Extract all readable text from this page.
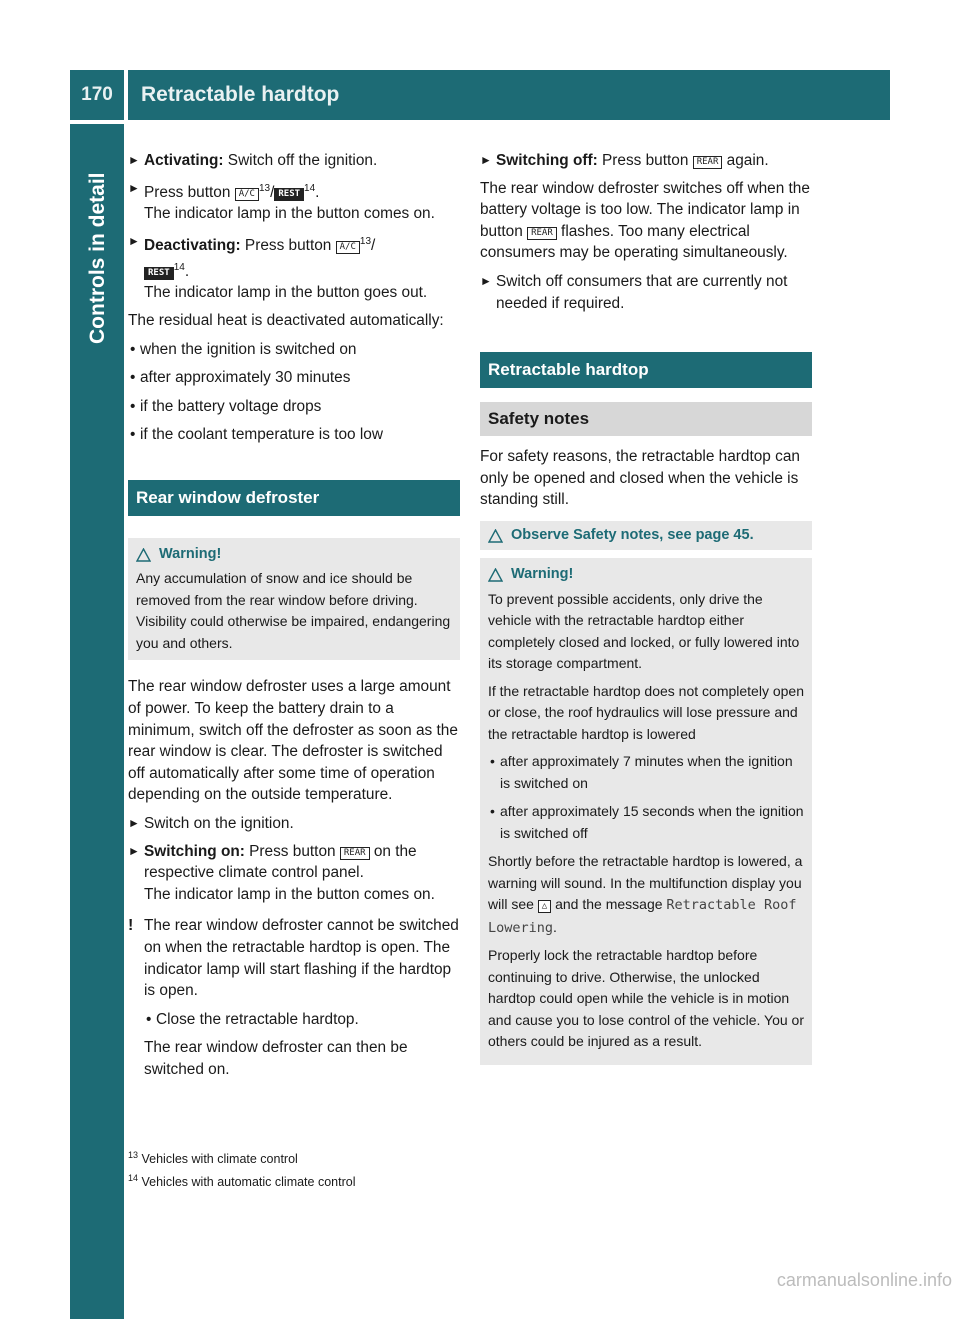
170	Retractable hardtop
Controls in detail
► Activating: Switch off the ignition.
► Press button $A/C^{13}/$ REST$^{14}$.
The indicator lamp in the button comes on.
► Deactivating: Press button $A/C^{13}/$
REST$^{14}$.
The indicator lamp in the button goes out.

The residual heat is deactivated automatically:

• when the ignition is switched on
• after approximately 30 minutes
• if the battery voltage drops
• if the coolant temperature is too low
Rear window defroster
Warning!
Any accumulation of snow and ice should be removed from the rear window before driving. Visibility could otherwise be impaired, endangering you and others.

The rear window defroster uses a large amount of power. To keep the battery drain to a minimum, switch off the defroster as soon as the rear window is clear. The defroster is switched off automatically after some time of operation depending on the outside temperature.

► Switch on the ignition.
► Switching on: Press button REAR on the respective climate control panel.
The indicator lamp in the button comes on.
! The rear window defroster cannot be switched on when the retractable hardtop is open. The indicator lamp will start flashing if the hardtop is open.

• Close the retractable hardtop.

The rear window defroster can then be switched on.

► Switching off: Press button REAR again.

The rear window defroster switches off when the battery voltage is too low. The indicator lamp in button REAR flashes. Too many electrical consumers may be operating simultaneously.

► Switch off consumers that are currently not needed if required.
Retractable hardtop
Safety notes

For safety reasons, the retractable hardtop can only be opened and closed when the vehicle is standing still.

Observe Safety notes, see page 45.
Warning!

To prevent possible accidents, only drive the vehicle with the retractable hardtop either completely closed and locked, or fully lowered into its storage compartment.

If the retractable hardtop does not completely open or close, the roof hydraulics will lose pressure and the retractable hardtop is lowered

• after approximately 7 minutes when the ignition is switched on
• after approximately 15 seconds when the ignition is switched off

Shortly before the retractable hardtop is lowered, a warning will sound. In the multifunction display you will see △ and the message Retractable Roof Lowering.

Properly lock the retractable hardtop before continuing to drive. Otherwise, the unlocked hardtop could open while the vehicle is in motion and cause you to lose control of the vehicle. You or others could be injured as a result.

$^{13}$ Vehicles with climate control
$^{14}$ Vehicles with automatic climate control
carmanualsonline.info
